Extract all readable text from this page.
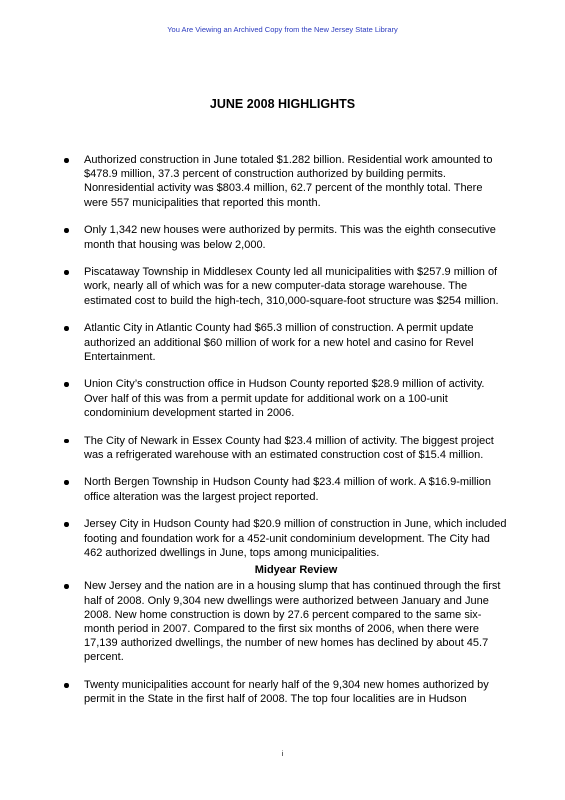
You Are Viewing an Archived Copy from the New Jersey State Library
JUNE 2008 HIGHLIGHTS
Authorized construction in June totaled $1.282 billion. Residential work amounted to $478.9 million, 37.3 percent of construction authorized by building permits. Nonresidential activity was $803.4 million, 62.7 percent of the monthly total. There were 557 municipalities that reported this month.
Only 1,342 new houses were authorized by permits. This was the eighth consecutive month that housing was below 2,000.
Piscataway Township in Middlesex County led all municipalities with $257.9 million of work, nearly all of which was for a new computer-data storage warehouse. The estimated cost to build the high-tech, 310,000-square-foot structure was $254 million.
Atlantic City in Atlantic County had $65.3 million of construction. A permit update authorized an additional $60 million of work for a new hotel and casino for Revel Entertainment.
Union City’s construction office in Hudson County reported $28.9 million of activity. Over half of this was from a permit update for additional work on a 100-unit condominium development started in 2006.
The City of Newark in Essex County had $23.4 million of activity. The biggest project was a refrigerated warehouse with an estimated construction cost of $15.4 million.
North Bergen Township in Hudson County had $23.4 million of work. A $16.9-million office alteration was the largest project reported.
Jersey City in Hudson County had $20.9 million of construction in June, which included footing and foundation work for a 452-unit condominium development. The City had 462 authorized dwellings in June, tops among municipalities.
Midyear Review
New Jersey and the nation are in a housing slump that has continued through the first half of 2008. Only 9,304 new dwellings were authorized between January and June 2008. New home construction is down by 27.6 percent compared to the same six-month period in 2007. Compared to the first six months of 2006, when there were 17,139 authorized dwellings, the number of new homes has declined by about 45.7 percent.
Twenty municipalities account for nearly half of the 9,304 new homes authorized by permit in the State in the first half of 2008. The top four localities are in Hudson
i
